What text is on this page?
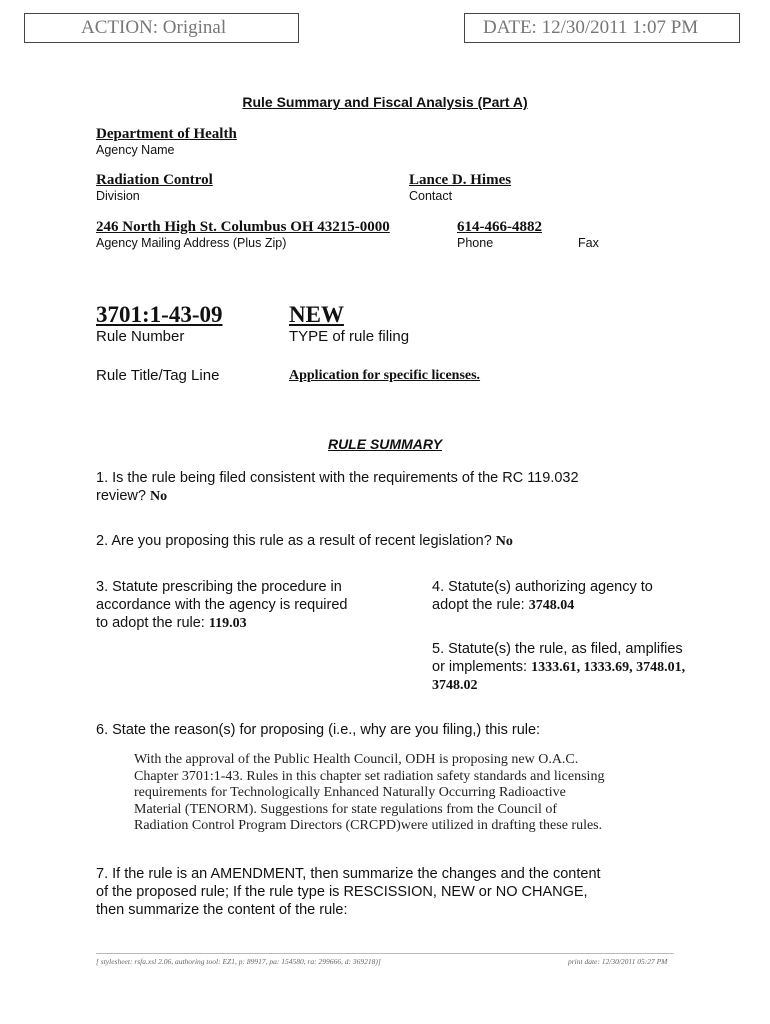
ACTION: Original	DATE: 12/30/2011 1:07 PM
Rule Summary and Fiscal Analysis (Part A)
Department of Health
Agency Name
Radiation Control
Division
Lance D. Himes
Contact
246 North High St. Columbus OH 43215-0000
Agency Mailing Address (Plus Zip)
614-466-4882
Phone	Fax
3701:1-43-09
Rule Number
NEW
TYPE of rule filing
Rule Title/Tag Line	Application for specific licenses.
RULE SUMMARY
1. Is the rule being filed consistent with the requirements of the RC 119.032
review? No
2. Are you proposing this rule as a result of recent legislation? No
3. Statute prescribing the procedure in
accordance with the agency is required
to adopt the rule: 119.03
4. Statute(s) authorizing agency to
adopt the rule: 3748.04
5. Statute(s) the rule, as filed, amplifies
or implements: 1333.61, 1333.69, 3748.01,
3748.02
6. State the reason(s) for proposing (i.e., why are you filing,) this rule:
With the approval of the Public Health Council, ODH is proposing new O.A.C.
Chapter 3701:1-43. Rules in this chapter set radiation safety standards and licensing
requirements for Technologically Enhanced Naturally Occurring Radioactive
Material (TENORM). Suggestions for state regulations from the Council of
Radiation Control Program Directors (CRCPD)were utilized in drafting these rules.
7. If the rule is an AMENDMENT, then summarize the changes and the content
of the proposed rule; If the rule type is RESCISSION, NEW or NO CHANGE,
then summarize the content of the rule:
[ stylesheet: rsfa.xsl 2.06, authoring tool: EZ1, p: 89917, pa: 154580, ra: 299666, d: 369218)]	print date: 12/30/2011 05:27 PM
